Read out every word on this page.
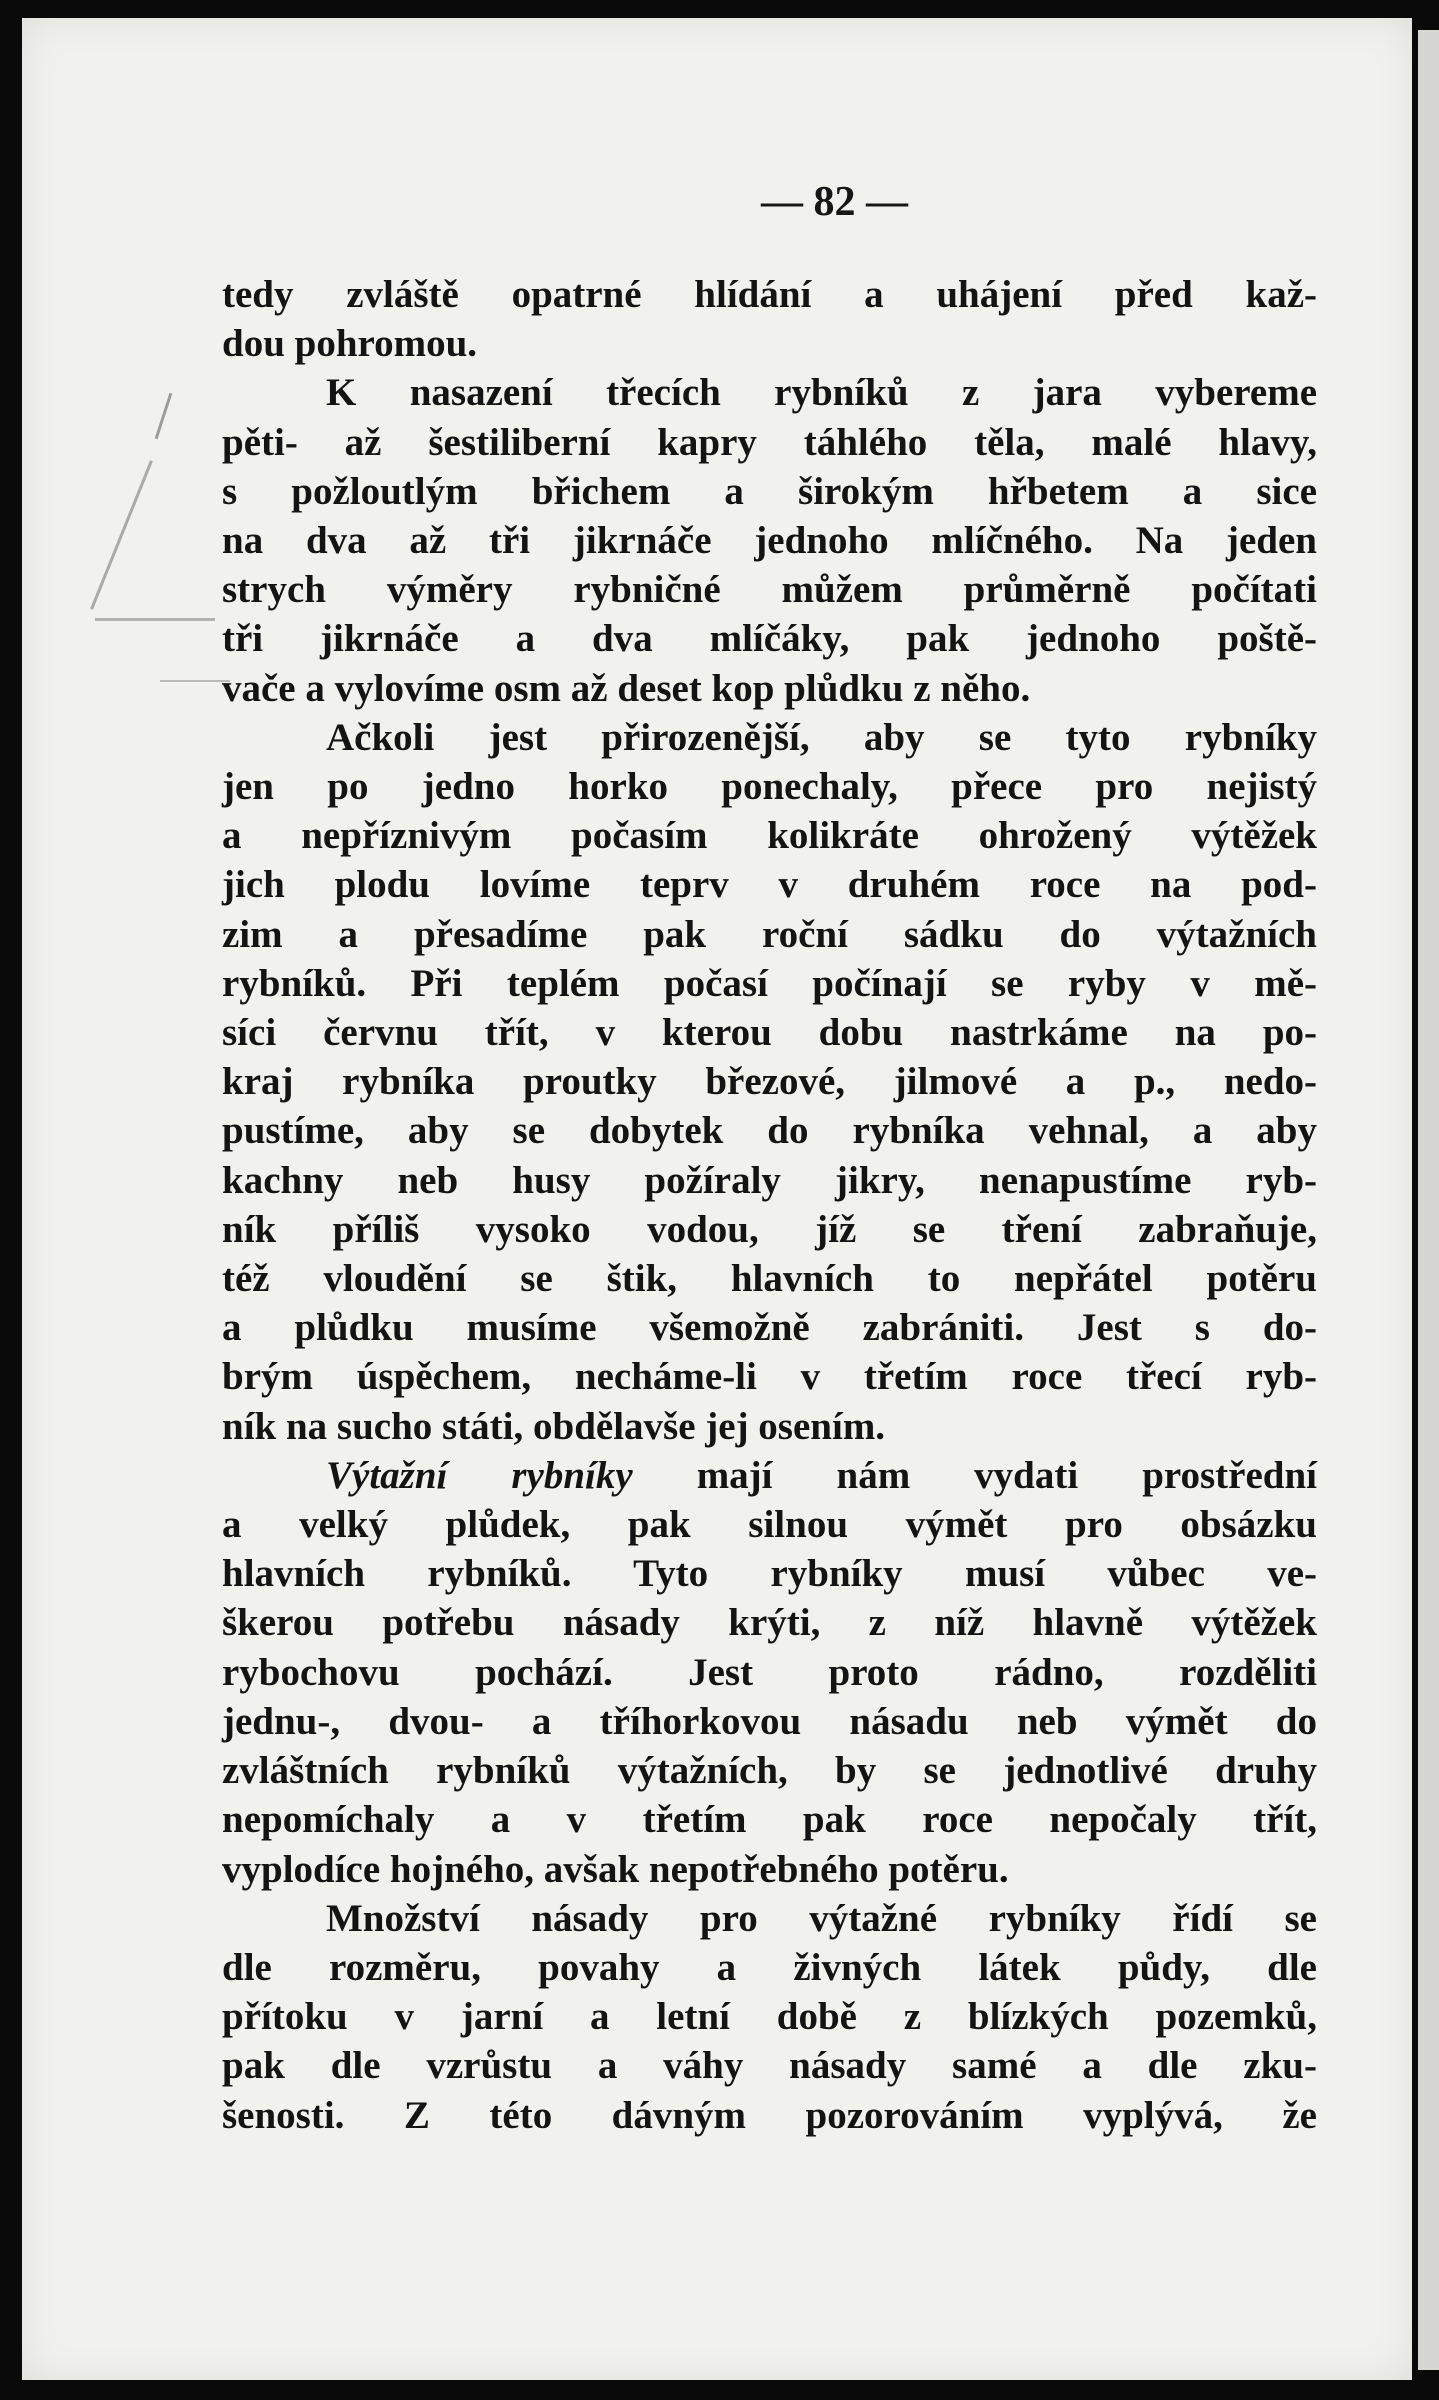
— 82 —
tedy zvláště opatrné hlídání a uhájení před kaž-
dou pohromou.
K nasazení třecích rybníků z jara vybereme
pěti- až šestiliberní kapry táhlého těla, malé hlavy,
s požloutlým břichem a širokým hřbetem a sice
na dva až tři jikrnáče jednoho mlíčného. Na jeden
strych výměry rybničné můžem průměrně počítati
tři jikrnáče a dva mlíčáky, pak jednoho poště-
vače a vylovíme osm až deset kop plůdku z něho.
Ačkoli jest přirozenější, aby se tyto rybníky
jen po jedno horko ponechaly, přece pro nejistý
a nepříznivým počasím kolikráte ohrožený výtěžek
jich plodu lovíme teprv v druhém roce na pod-
zim a přesadíme pak roční sádku do výtažních
rybníků. Při teplém počasí počínají se ryby v mě-
síci červnu třít, v kterou dobu nastrkáme na po-
kraj rybníka proutky březové, jilmové a p., nedo-
pustíme, aby se dobytek do rybníka vehnal, a aby
kachny neb husy požíraly jikry, nenapustíme ryb-
ník příliš vysoko vodou, jíž se tření zabraňuje,
též vloudění se štik, hlavních to nepřátel potěru
a plůdku musíme všemožně zabrániti. Jest s do-
brým úspěchem, necháme-li v třetím roce třecí ryb-
ník na sucho státi, obdělavše jej osením.
Výtažní rybníky mají nám vydati prostřední
a velký plůdek, pak silnou výmět pro obsázku
hlavních rybníků. Tyto rybníky musí vůbec ve-
škerou potřebu násady krýti, z níž hlavně výtěžek
rybochovu pochází. Jest proto rádno, rozděliti
jednu-, dvou- a tříhorkovou násadu neb výmět do
zvláštních rybníků výtažních, by se jednotlivé druhy
nepomíchaly a v třetím pak roce nepočaly třít,
vyplodíce hojného, avšak nepotřebného potěru.
Množství násady pro výtažné rybníky řídí se
dle rozměru, povahy a živných látek půdy, dle
přítoku v jarní a letní době z blízkých pozemků,
pak dle vzrůstu a váhy násady samé a dle zku-
šenosti. Z této dávným pozorováním vyplývá, že
